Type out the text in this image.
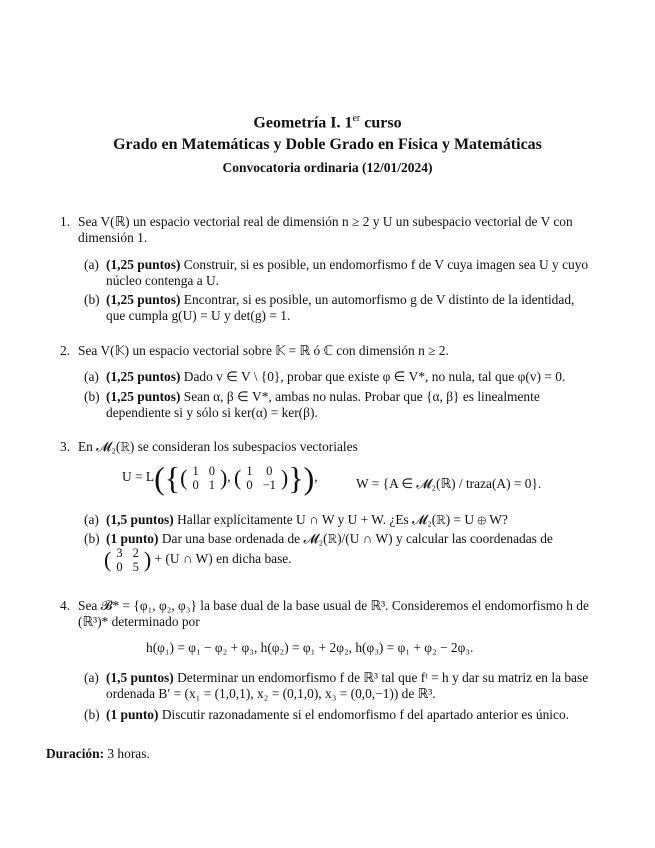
Geometría I. 1er curso
Grado en Matemáticas y Doble Grado en Física y Matemáticas
Convocatoria ordinaria (12/01/2024)
1. Sea V(ℝ) un espacio vectorial real de dimensión n ≥ 2 y U un subespacio vectorial de V con dimensión 1.
(a) (1,25 puntos) Construir, si es posible, un endomorfismo f de V cuya imagen sea U y cuyo núcleo contenga a U.
(b) (1,25 puntos) Encontrar, si es posible, un automorfismo g de V distinto de la identidad, que cumpla g(U) = U y det(g) = 1.
2. Sea V(𝕂) un espacio vectorial sobre 𝕂 = ℝ ó ℂ con dimensión n ≥ 2.
(a) (1,25 puntos) Dado v ∈ V \ {0}, probar que existe φ ∈ V*, no nula, tal que φ(v) = 0.
(b) (1,25 puntos) Sean α, β ∈ V*, ambas no nulas. Probar que {α, β} es linealmente dependiente si y sólo si ker(α) = ker(β).
3. En 𝓜₂(ℝ) se consideran los subespacios vectoriales
U = L({( 1	0
0	1 ), ( 1	0
0	−1 )}),	W = {A ∈ 𝓜₂(ℝ) / traza(A) = 0}.
(a) (1,5 puntos) Hallar explícitamente U ∩ W y U + W. ¿Es 𝓜₂(ℝ) = U ⊕ W?
(b) (1 punto) Dar una base ordenada de 𝓜₂(ℝ)/(U ∩ W) y calcular las coordenadas de
( 3	2
0	5 ) + (U ∩ W) en dicha base.
4. Sea 𝓑* = {φ₁, φ₂, φ₃} la base dual de la base usual de ℝ³. Consideremos el endomorfismo h de (ℝ³)* determinado por
h(φ₁) = φ₁ − φ₂ + φ₃, h(φ₂) = φ₁ + 2φ₂, h(φ₃) = φ₁ + φ₂ − 2φ₃.
(a) (1,5 puntos) Determinar un endomorfismo f de ℝ³ tal que fᵗ = h y dar su matriz en la base ordenada B′ = (x₁ = (1,0,1), x₂ = (0,1,0), x₃ = (0,0,−1)) de ℝ³.
(b) (1 punto) Discutir razonadamente si el endomorfismo f del apartado anterior es único.
Duración: 3 horas.
